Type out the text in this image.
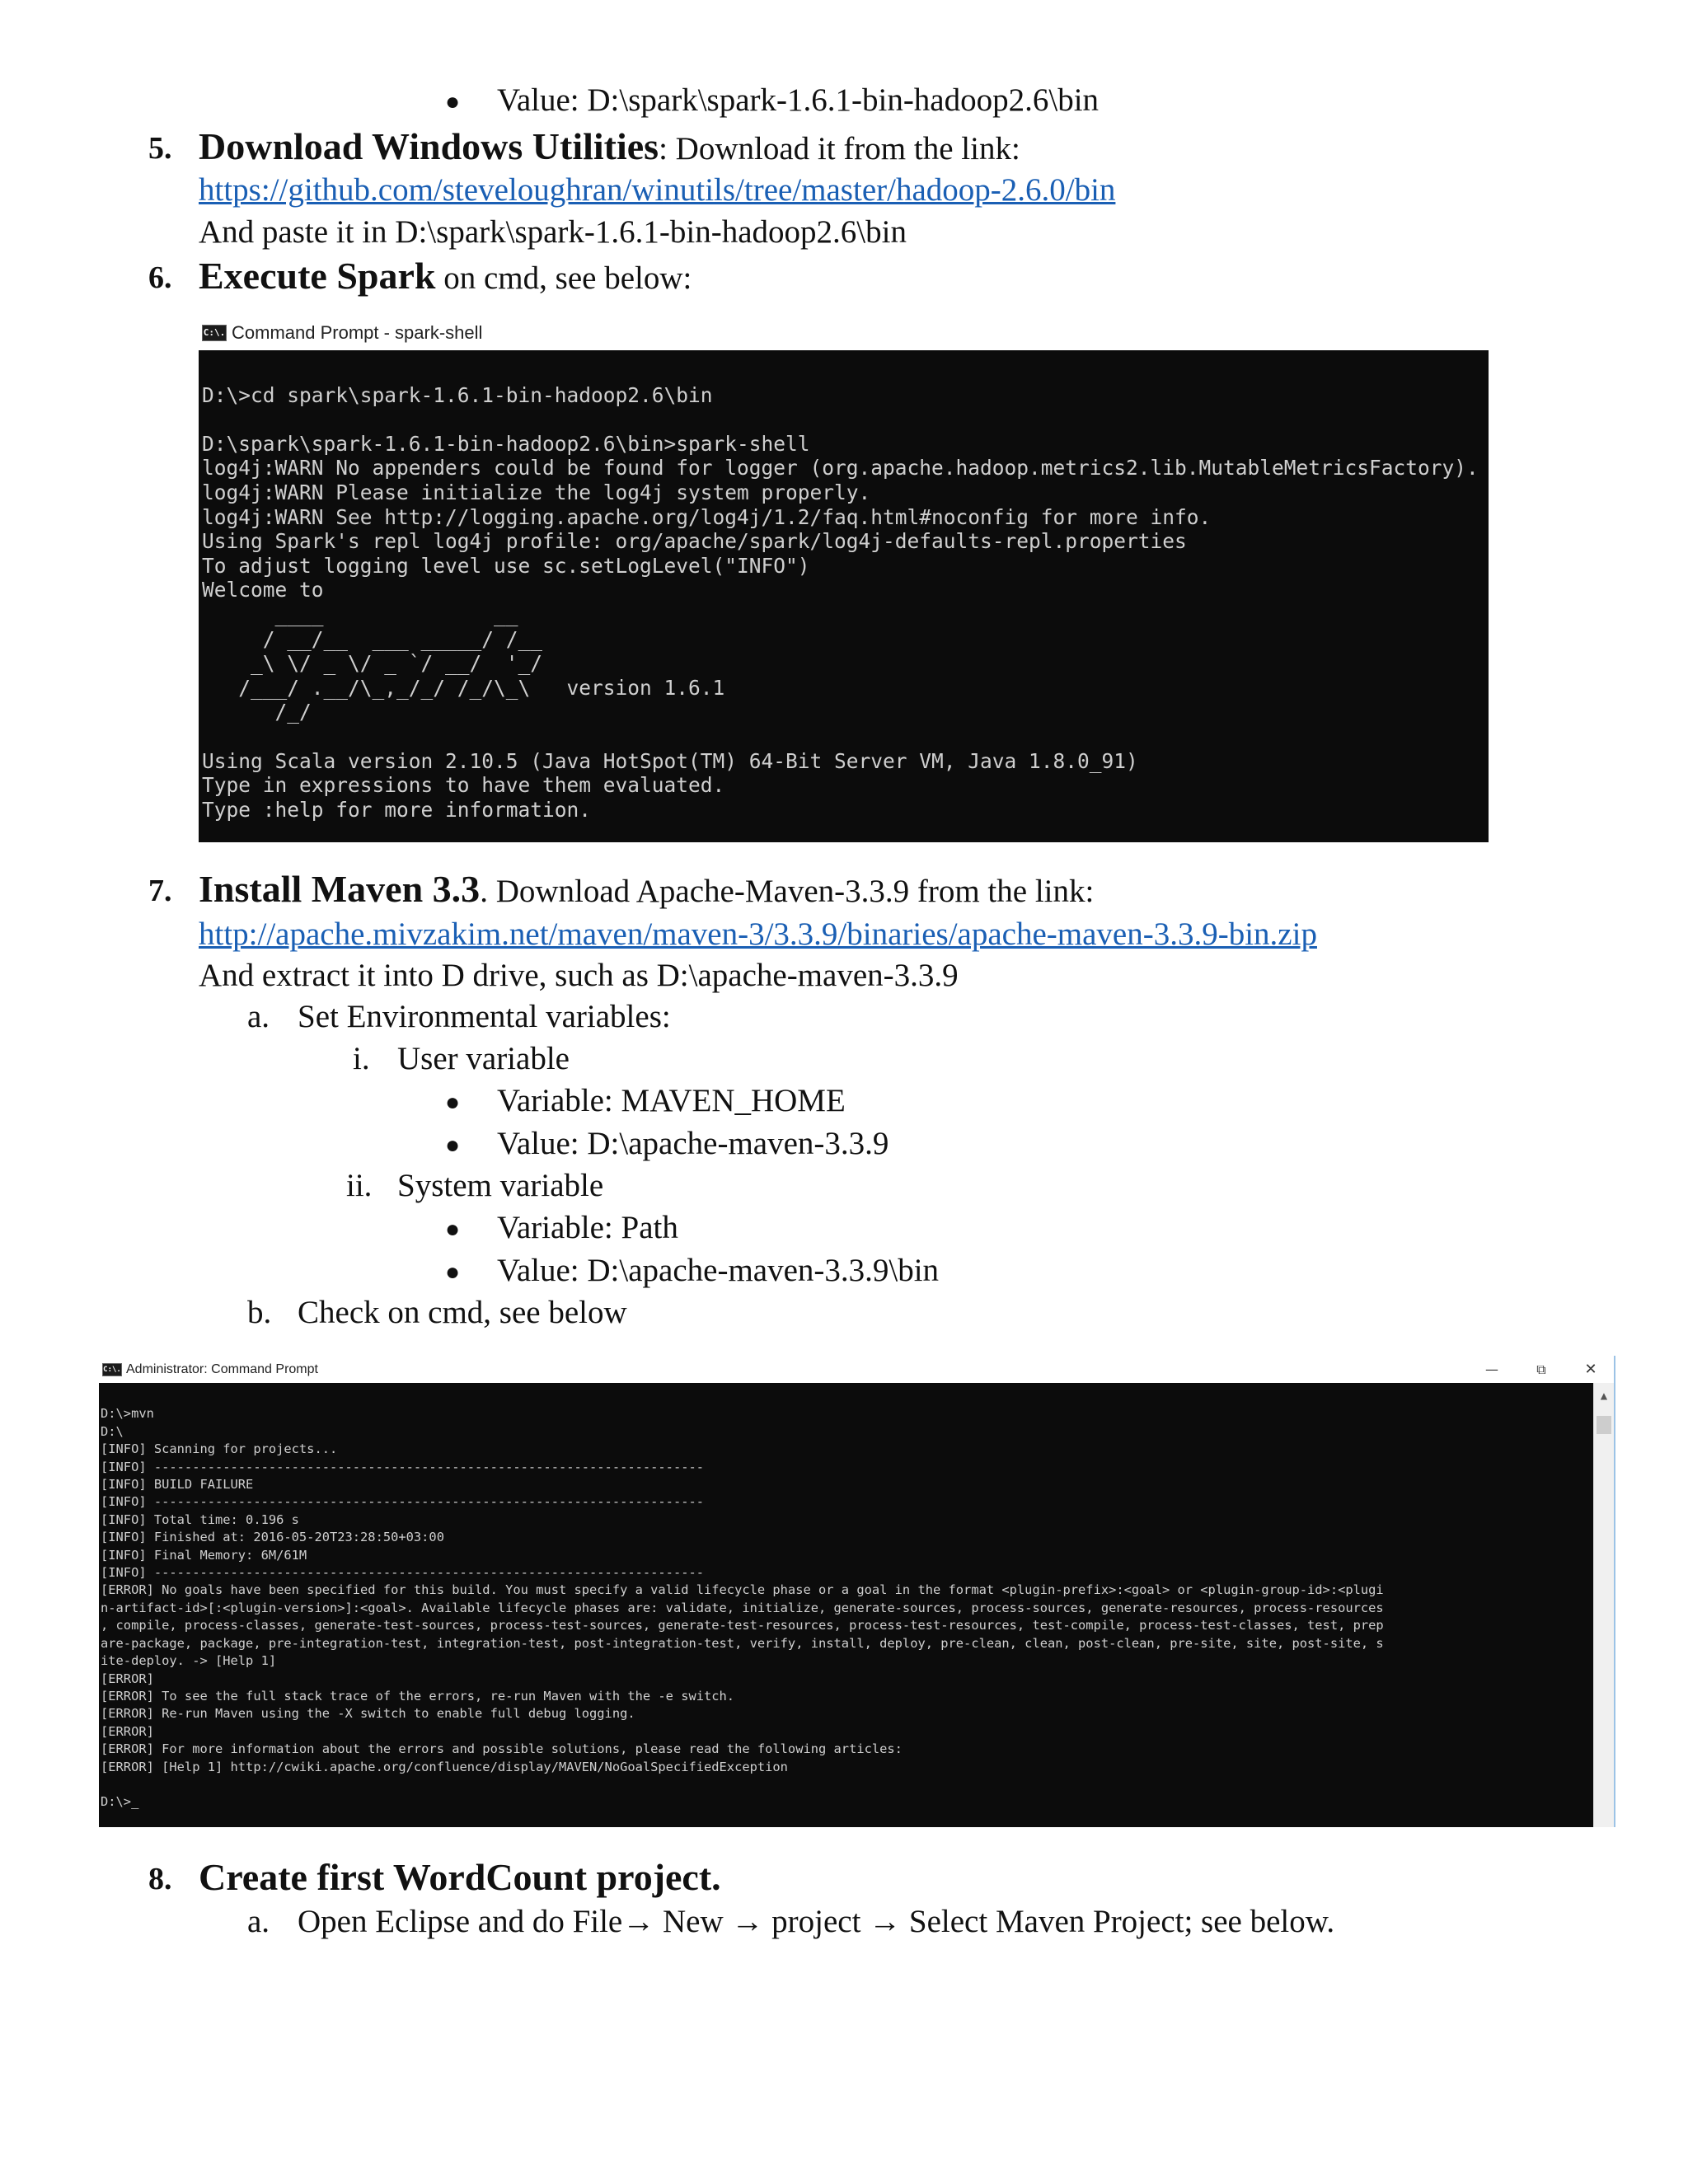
● Value: D:\spark\spark-1.6.1-bin-hadoop2.6\bin
5. Download Windows Utilities: Download it from the link:
https://github.com/steveloughran/winutils/tree/master/hadoop-2.6.0/bin
And paste it in D:\spark\spark-1.6.1-bin-hadoop2.6\bin
6. Execute Spark on cmd, see below:
C:\. Command Prompt - spark-shell

D:\>cd spark\spark-1.6.1-bin-hadoop2.6\bin

D:\spark\spark-1.6.1-bin-hadoop2.6\bin>spark-shell
log4j:WARN No appenders could be found for logger (org.apache.hadoop.metrics2.lib.MutableMetricsFactory).
log4j:WARN Please initialize the log4j system properly.
log4j:WARN See http://logging.apache.org/log4j/1.2/faq.html#noconfig for more info.
Using Spark's repl log4j profile: org/apache/spark/log4j-defaults-repl.properties
To adjust logging level use sc.setLogLevel("INFO")
Welcome to
____              __
/ __/__  ___ _____/ /__
_\ \/ _ \/ _ `/ __/  '_/
/___/ .__/\_,_/_/ /_/\_\   version 1.6.1
/_/

Using Scala version 2.10.5 (Java HotSpot(TM) 64-Bit Server VM, Java 1.8.0_91)
Type in expressions to have them evaluated.
Type :help for more information.
7. Install Maven 3.3. Download Apache-Maven-3.3.9 from the link:
http://apache.mivzakim.net/maven/maven-3/3.3.9/binaries/apache-maven-3.3.9-bin.zip
And extract it into D drive, such as D:\apache-maven-3.3.9
a. Set Environmental variables:
i. User variable
● Variable: MAVEN_HOME
● Value: D:\apache-maven-3.3.9
ii. System variable
● Variable: Path
● Value: D:\apache-maven-3.3.9\bin
b. Check on cmd, see below
C:\. Administrator: Command Prompt	—	⧉	✕

D:\>mvn
D:\
[INFO] Scanning for projects...
[INFO] ------------------------------------------------------------------------
[INFO] BUILD FAILURE
[INFO] ------------------------------------------------------------------------
[INFO] Total time: 0.196 s
[INFO] Finished at: 2016-05-20T23:28:50+03:00
[INFO] Final Memory: 6M/61M
[INFO] ------------------------------------------------------------------------
[ERROR] No goals have been specified for this build. You must specify a valid lifecycle phase or a goal in the format <plugin-prefix>:<goal> or <plugin-group-id>:<plugi
n-artifact-id>[:<plugin-version>]:<goal>. Available lifecycle phases are: validate, initialize, generate-sources, process-sources, generate-resources, process-resources
, compile, process-classes, generate-test-sources, process-test-sources, generate-test-resources, process-test-resources, test-compile, process-test-classes, test, prep
are-package, package, pre-integration-test, integration-test, post-integration-test, verify, install, deploy, pre-clean, clean, post-clean, pre-site, site, post-site, s
ite-deploy. -> [Help 1]
[ERROR]
[ERROR] To see the full stack trace of the errors, re-run Maven with the -e switch.
[ERROR] Re-run Maven using the -X switch to enable full debug logging.
[ERROR]
[ERROR] For more information about the errors and possible solutions, please read the following articles:
[ERROR] [Help 1] http://cwiki.apache.org/confluence/display/MAVEN/NoGoalSpecifiedException

D:\>_
▲
8. Create first WordCount project.
a. Open Eclipse and do File→ New → project → Select Maven Project; see below.
